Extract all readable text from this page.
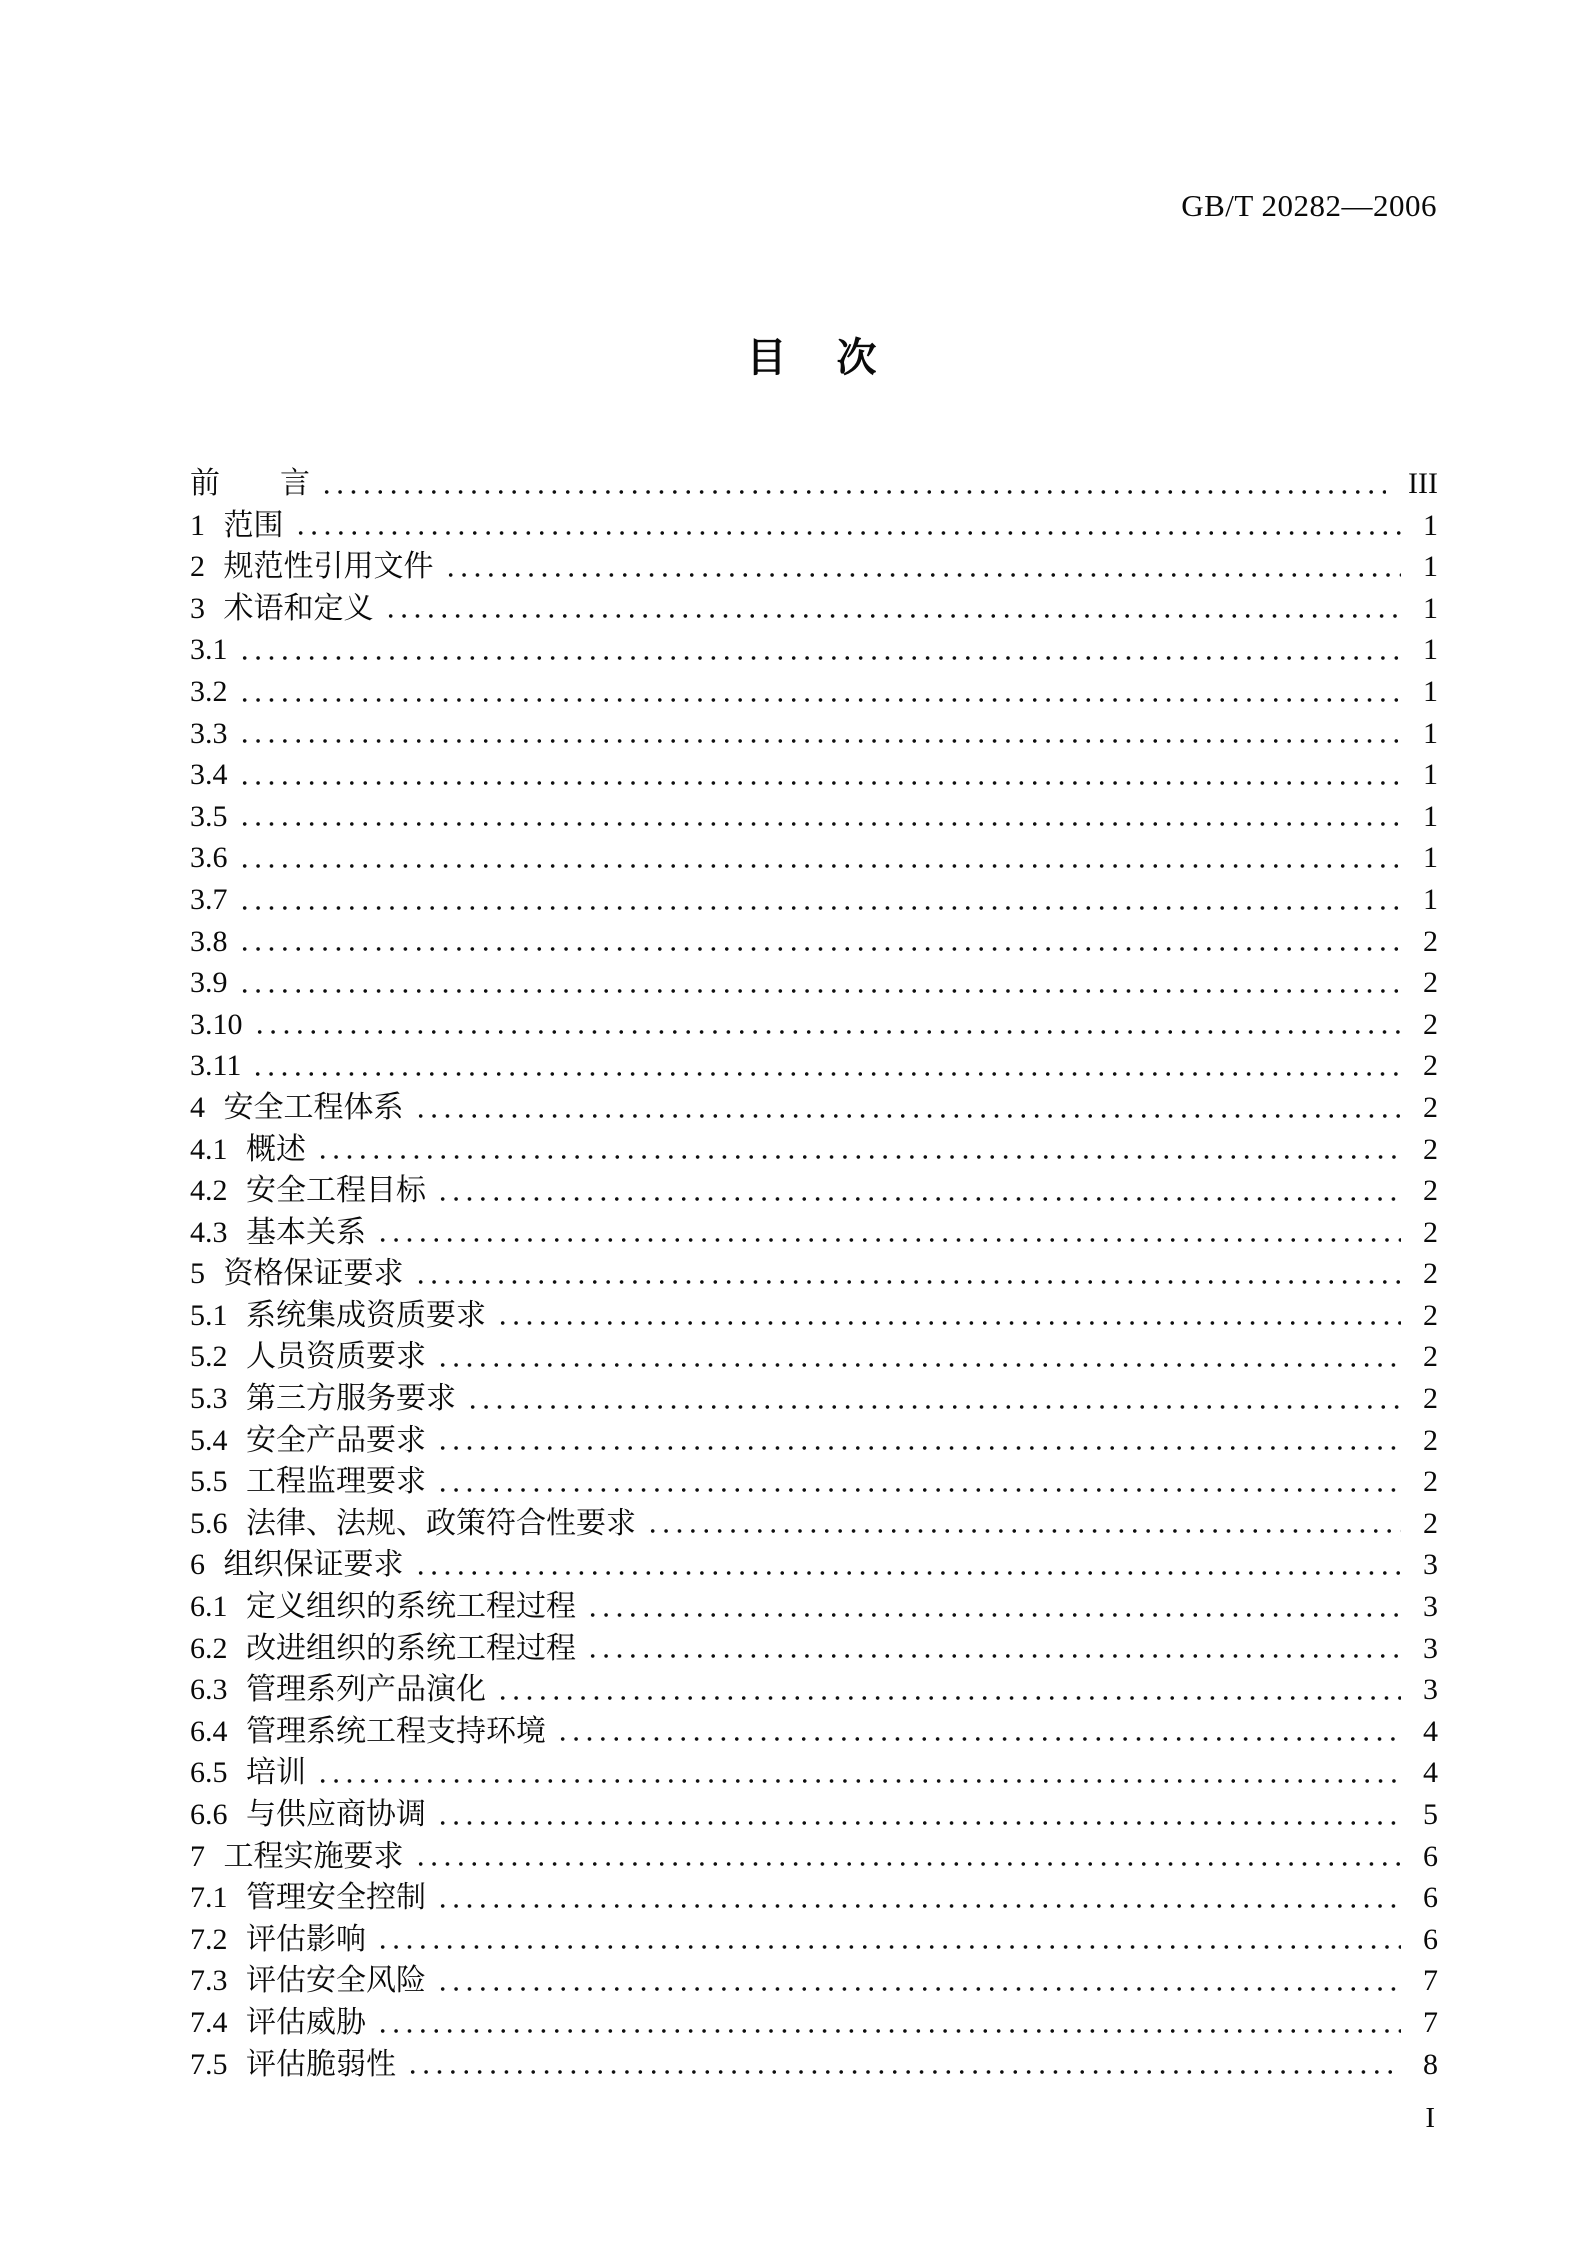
GB/T 20282—2006
目　次
前　　言	III
1 范围	1
2 规范性引用文件	1
3 术语和定义	1
3.1	1
3.2	1
3.3	1
3.4	1
3.5	1
3.6	1
3.7	1
3.8	2
3.9	2
3.10	2
3.11	2
4 安全工程体系	2
4.1 概述	2
4.2 安全工程目标	2
4.3 基本关系	2
5 资格保证要求	2
5.1 系统集成资质要求	2
5.2 人员资质要求	2
5.3 第三方服务要求	2
5.4 安全产品要求	2
5.5 工程监理要求	2
5.6 法律、法规、政策符合性要求	2
6 组织保证要求	3
6.1 定义组织的系统工程过程	3
6.2 改进组织的系统工程过程	3
6.3 管理系列产品演化	3
6.4 管理系统工程支持环境	4
6.5 培训	4
6.6 与供应商协调	5
7 工程实施要求	6
7.1 管理安全控制	6
7.2 评估影响	6
7.3 评估安全风险	7
7.4 评估威胁	7
7.5 评估脆弱性	8
I
